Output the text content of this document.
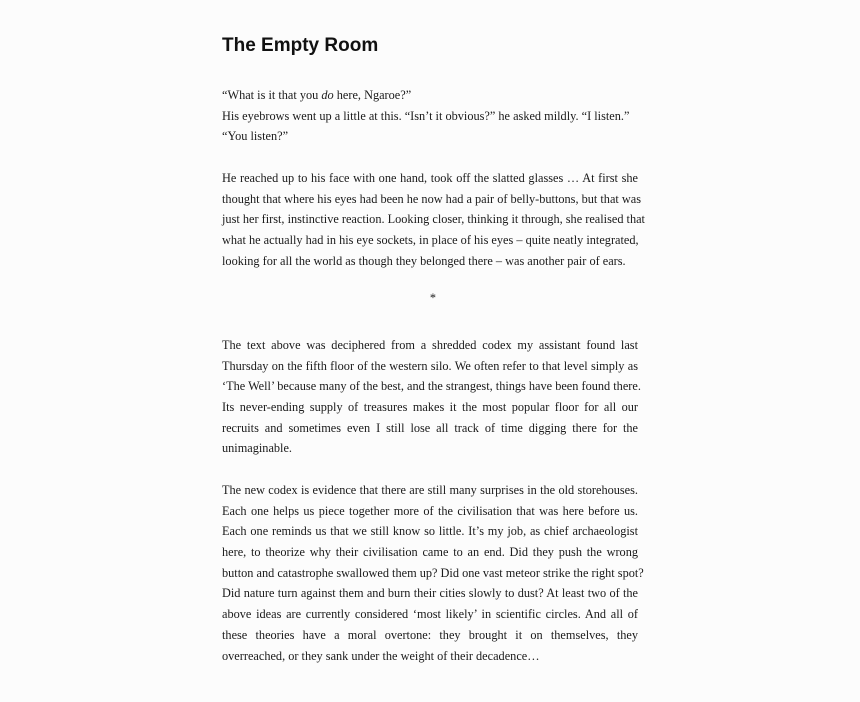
The Empty Room
“What is it that you do here, Ngaroe?”
His eyebrows went up a little at this. “Isn’t it obvious?” he asked mildly. “I listen.”
“You listen?”
He reached up to his face with one hand, took off the slatted glasses … At first she
thought that where his eyes had been he now had a pair of belly-buttons, but that was
just her first, instinctive reaction. Looking closer, thinking it through, she realised that
what he actually had in his eye sockets, in place of his eyes – quite neatly integrated,
looking for all the world as though they belonged there – was another pair of ears.
*
The text above was deciphered from a shredded codex my assistant found last
Thursday on the fifth floor of the western silo. We often refer to that level simply as
‘The Well’ because many of the best, and the strangest, things have been found there.
Its never-ending supply of treasures makes it the most popular floor for all our
recruits and sometimes even I still lose all track of time digging there for the
unimaginable.
The new codex is evidence that there are still many surprises in the old storehouses.
Each one helps us piece together more of the civilisation that was here before us.
Each one reminds us that we still know so little. It’s my job, as chief archaeologist
here, to theorize why their civilisation came to an end. Did they push the wrong
button and catastrophe swallowed them up? Did one vast meteor strike the right spot?
Did nature turn against them and burn their cities slowly to dust? At least two of the
above ideas are currently considered ‘most likely’ in scientific circles. And all of
these theories have a moral overtone: they brought it on themselves, they
overreached, or they sank under the weight of their decadence…
